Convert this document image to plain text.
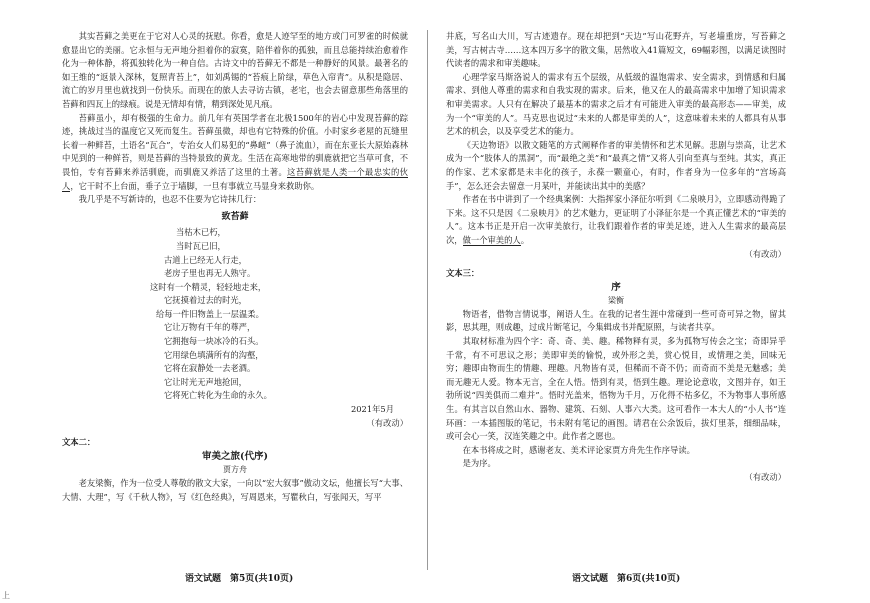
其实苔藓之美更在于它对人心灵的抚慰。你看，愈是人迹罕至的地方或门可罗雀的时候就愈显出它的美丽。它永恒与无声地分担着你的寂寞，陪伴着你的孤独，而且总能持续治愈着作化为一种体静，将孤独转化为一种自信。古诗文中的苔藓无不都是一种静好的风景。最著名的如王维的“返景入深林，复照青苔上”，如刘禹锡的“苔痕上阶绿，草色入帘青”。从积是隐居、流亡的岁月里也就找到一份快乐。而现在的旅人去寻访古镇，老宅，也会去留意那些角落里的苔藓和四瓦上的绿痕。说是无情却有情，精到深处见凡痕。

苔藓虽小，却有极强的生命力。前几年有英国学者在北极1500年的岩心中发现苔藓的踪迹，挑战过当的温度它又死而复生。苔藓虽微，却也有它特殊的价值。小时家乡老屋的瓦缝里长着一种鲜苔，土语名“瓦合”，专治女人们易犯的“鼻衄”（鼻子流血），而在东亚长大原始森林中见到的一种鲜苔，则是苔藓的当特景致的黄龙。生活在高寒地带的驯鹿就把它当草可食，不畏怕，专有苔藓来养活驯鹿，而驯鹿又养活了这里的土著。这苔藓就是人类一个最忠实的伙人，它干时不上台面，垂子立于墙脚，一旦有事就立马显身来救助你。

我几乎是不写新诗的，也忍不住要为它诗抹几行：

致苔藓

当枯木已朽，

当时瓦已旧，

古道上已经无人行走，

老房子里也再无人熟守。

这时有一个精灵，轻轻地走来，

它抚摸着过去的时光，

给每一件旧物盖上一层温柔。

它让万物有千年的尊严，

它拥抱每一块冰冷的石头。

它用绿色填满所有的沟壑，

它将在寂静处一去老酒。

它让时光无声地抢回，

它将死亡转化为生命的永久。

2021年5月

（有改动）

文本二：

审美之旅(代序)

贾方舟

老友梁衡，作为一位受人尊敬的散文大家，一向以“宏大叙事”傲动文坛，他擅长写“大事、大情、大理”，写《千秋人物》，写《红色经典》，写周恩来，写瞿秋白，写张闻天，写平

井底，写名山大川，写古迹遗存。现在却把到“天边”写山花野卉，写老墙重房，写苔藓之美，写古树古寺……这本四万多字的散文集，居然收入41篇短文，69幅彩图，以满足读图时代读者的需求和审美趣味。

心理学家马斯洛说人的需求有五个层级，从低级的温饱需求、安全需求，到情感和归属需求、到他人尊重的需求和自我实现的需求。后来，他又在人的最高需求中加增了知识需求和审美需求。人只有在解决了最基本的需求之后才有可能进入审美的最高形态——审美，成为一个“审美的人”。马克思也说过“未来的人都是审美的人”，这意味着未来的人都具有从事艺术的机会，以及享受艺术的能力。

《天边物语》以散文随笔的方式阐释作者的审美情怀和艺术见解。悲剧与崇高，让艺术成为一个“肢体人的黑洞”，而“最绝之美”和“最真之情”又将人引向至真与至纯。其实，真正的作家、艺术家都是未丰化的孩子，永葆一颗童心，有时，作者身为一位多年的“宫场高手”，怎么还会去留意一月某叶，并能读出其中的美感？

作者在书中讲到了一个经典案例：大指挥家小泽征尔听到《二泉映月》，立即感动得跪了下来。这不只是因《二泉映月》的艺术魅力，更证明了小泽征尔是一个真正懂艺术的“审美的人”。这本书正是开启一次审美旅行，让我们跟着作者的审美足迹，进入人生需求的最高层次，做一个审美的人。

（有改动）

文本三：

序

梁衡

物语者，借物言情说事，阐语人生。在我的记者生涯中常碰到一些可奇可异之物，留其影，思其理，则成趣，过成片断笔记，今集辑成书并配原照，与读者共享。

其取材标准为四个字：奇、奇、美、趣。稀物释有灵，多为孤物写传会之宝；奇即异乎千常，有不可思议之形；美即审美的愉悦，或外形之美，赏心悦目，或情理之美，回味无穷；趣即由物而生的情趣、理趣。凡物皆有灵，但稀而不奇不仍；而奇而不美是无魅惑；美而无趣无人爱。物本无言，全在人悟。悟到有灵，悟到生趣。理论论意收，文图并存，如王勃所说“四美俱而二难并”。悟时光盖来，悟物为千月，万化得不枯多亿，不为物事人事所感生。有其言以自然山水、器物、建筑、石刻、人事六大类。这可看作一本大人的“小人书”连环画：一本插图版的笔记，书未附有笔记的画图。请君在公余饭后，拔灯里茶，细细品味，或可会心一笑，汉连笑趣之中。此作者之愿也。

在本书将成之时，感谢老友、美术评论家贾方舟先生作序导读。

是为序。

（有改动）

语文试题　第5页(共10页)	语文试题　第6页(共10页)
上
